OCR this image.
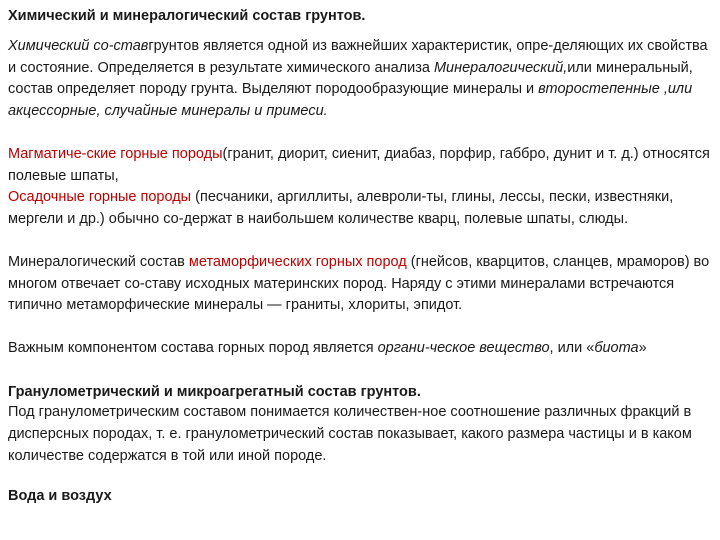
Химический и минералогический состав грунтов.
Химический со-ставгрунтов является одной из важнейших характеристик, опре-деляющих их свойства и состояние. Определяется в результате химического анализа Минералогический,или минеральный, состав определяет породу грунта. Выделяют породообразующие минералы и второстепенные ,или акцессорные, случайные минералы и примеси.
Магматиче-ские горные породы(гранит, диорит, сиенит, диабаз, порфир, габбро, дунит и т. д.) относятся полевые шпаты,
Осадочные горные породы (песчаники, аргиллиты, алевроли-ты, глины, лессы, пески, известняки, мергели и др.) обычно со-держат в наибольшем количестве кварц, полевые шпаты, слюды.
Минералогический состав метаморфических горных пород (гнейсов, кварцитов, сланцев, мраморов) во многом отвечает со-ставу исходных материнских пород. Наряду с этими минералами встречаются типично метаморфические минералы — граниты, хлориты, эпидот.
Важным компонентом состава горных пород является органи-ческое вещество, или «биота»
Гранулометрический и микроагрегатный состав грунтов.
Под гранулометрическим составом понимается количествен-ное соотношение различных фракций в дисперсных породах, т. е. гранулометрический состав показывает, какого размера частицы и в каком количестве содержатся в той или иной породе.
Вода и воздух
